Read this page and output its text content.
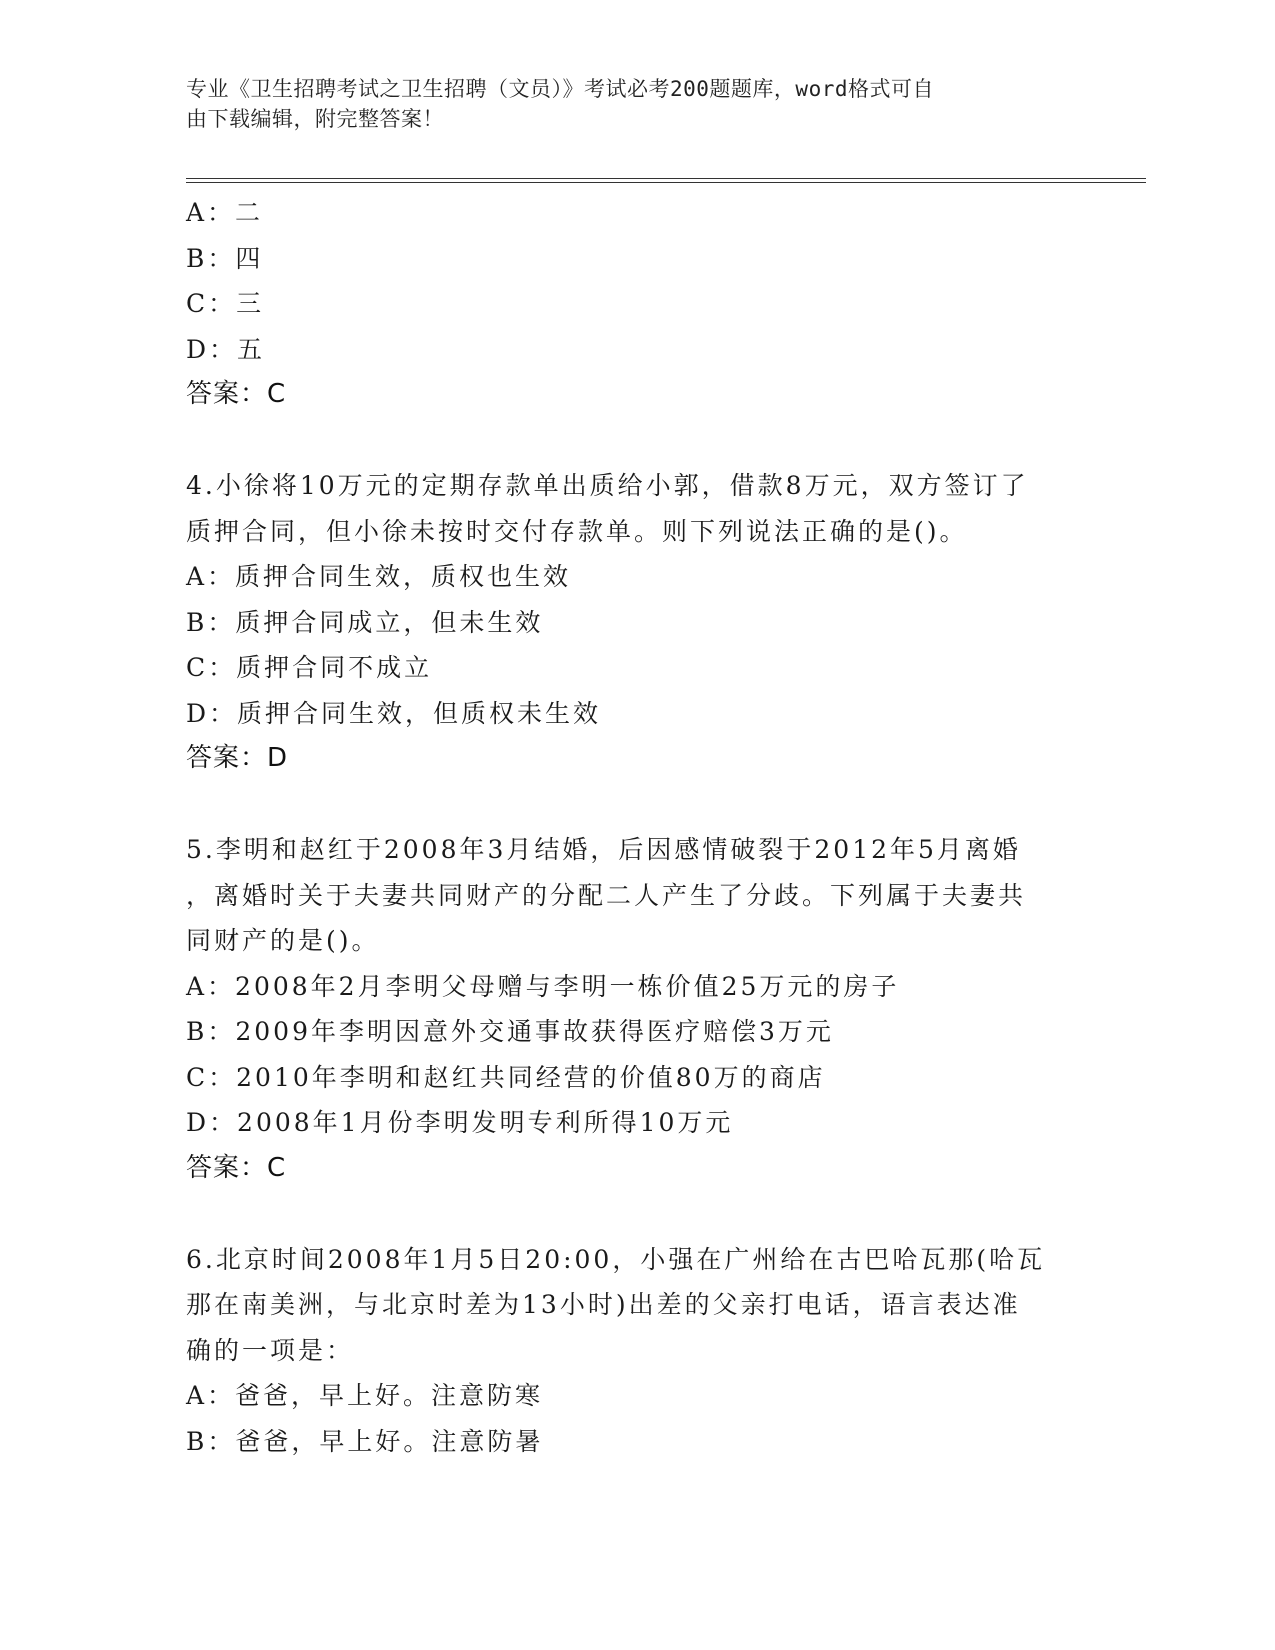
专业《卫生招聘考试之卫生招聘（文员）》考试必考200题题库，word格式可自
由下载编辑，附完整答案！
A：二
B：四
C：三
D：五
答案：C
4.小徐将10万元的定期存款单出质给小郭，借款8万元，双方签订了
质押合同，但小徐未按时交付存款单。则下列说法正确的是()。
A：质押合同生效，质权也生效
B：质押合同成立，但未生效
C：质押合同不成立
D：质押合同生效，但质权未生效
答案：D
5.李明和赵红于2008年3月结婚，后因感情破裂于2012年5月离婚
，离婚时关于夫妻共同财产的分配二人产生了分歧。下列属于夫妻共
同财产的是()。
A：2008年2月李明父母赠与李明一栋价值25万元的房子
B：2009年李明因意外交通事故获得医疗赔偿3万元
C：2010年李明和赵红共同经营的价值80万的商店
D：2008年1月份李明发明专利所得10万元
答案：C
6.北京时间2008年1月5日20:00，小强在广州给在古巴哈瓦那(哈瓦
那在南美洲，与北京时差为13小时)出差的父亲打电话，语言表达准
确的一项是：
A：爸爸，早上好。注意防寒
B：爸爸，早上好。注意防暑
